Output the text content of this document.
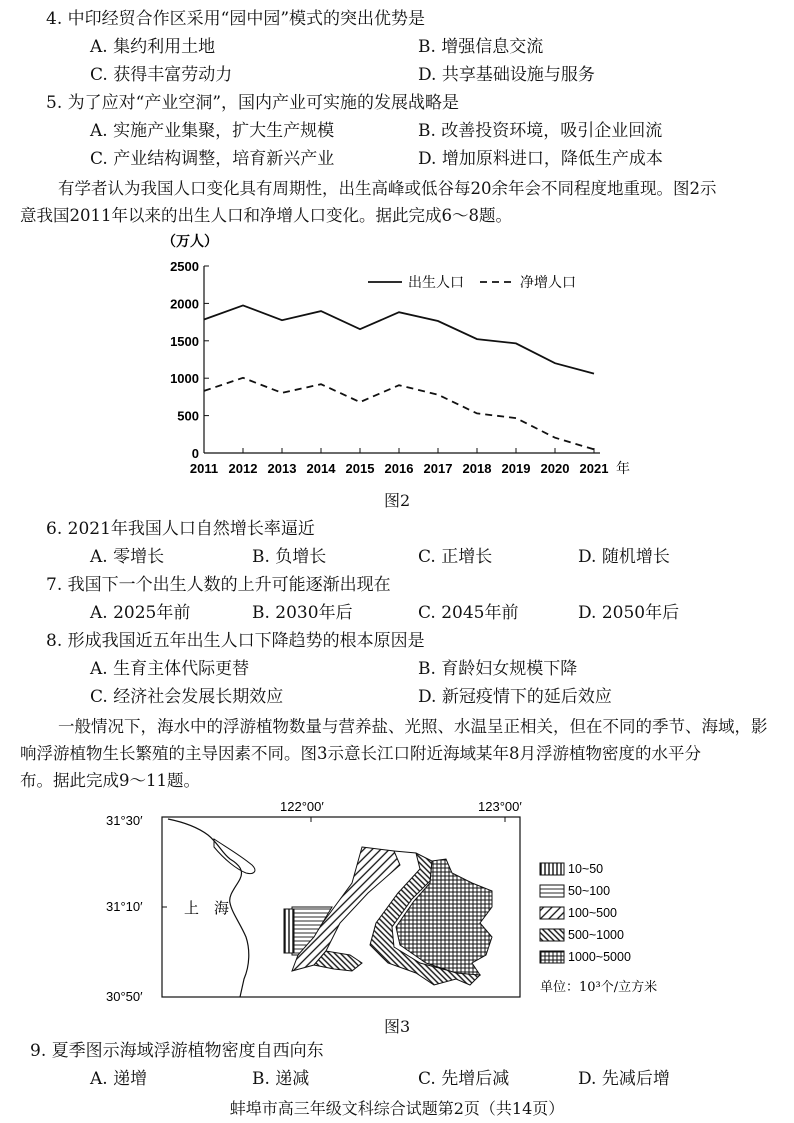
4. 中印经贸合作区采用“园中园”模式的突出优势是
A. 集约利用土地	B. 增强信息交流
C. 获得丰富劳动力	D. 共享基础设施与服务
5. 为了应对“产业空洞”，国内产业可实施的发展战略是
A. 实施产业集聚，扩大生产规模	B. 改善投资环境，吸引企业回流
C. 产业结构调整，培育新兴产业	D. 增加原料进口，降低生产成本
有学者认为我国人口变化具有周期性，出生高峰或低谷每20余年会不同程度地重现。图2示
意我国2011年以来的出生人口和净增人口变化。据此完成6～8题。
0
500
1000
1500
2000
2500
2011 2012 2013 2014 2015 2016 2017 2018 2019 2020 2021 年
（万人）
出生人口	净增人口
图2
6. 2021年我国人口自然增长率逼近
A. 零增长	B. 负增长	C. 正增长	D. 随机增长
7. 我国下一个出生人数的上升可能逐渐出现在
A. 2025年前	B. 2030年后	C. 2045年前	D. 2050年后
8. 形成我国近五年出生人口下降趋势的根本原因是
A. 生育主体代际更替	B. 育龄妇女规模下降
C. 经济社会发展长期效应	D. 新冠疫情下的延后效应
一般情况下，海水中的浮游植物数量与营养盐、光照、水温呈正相关，但在不同的季节、海域，影
响浮游植物生长繁殖的主导因素不同。图3示意长江口附近海域某年8月浮游植物密度的水平分
布。据此完成9～11题。
122°00′	123°00′
31°30′
31°10′
30°50′
上　海
10~50
50~100
100~500
500~1000
1000~5000
单位：10³个/立方米
图3
9. 夏季图示海域浮游植物密度自西向东
A. 递增	B. 递减	C. 先增后减	D. 先减后增
蚌埠市高三年级文科综合试题第2页（共14页）
